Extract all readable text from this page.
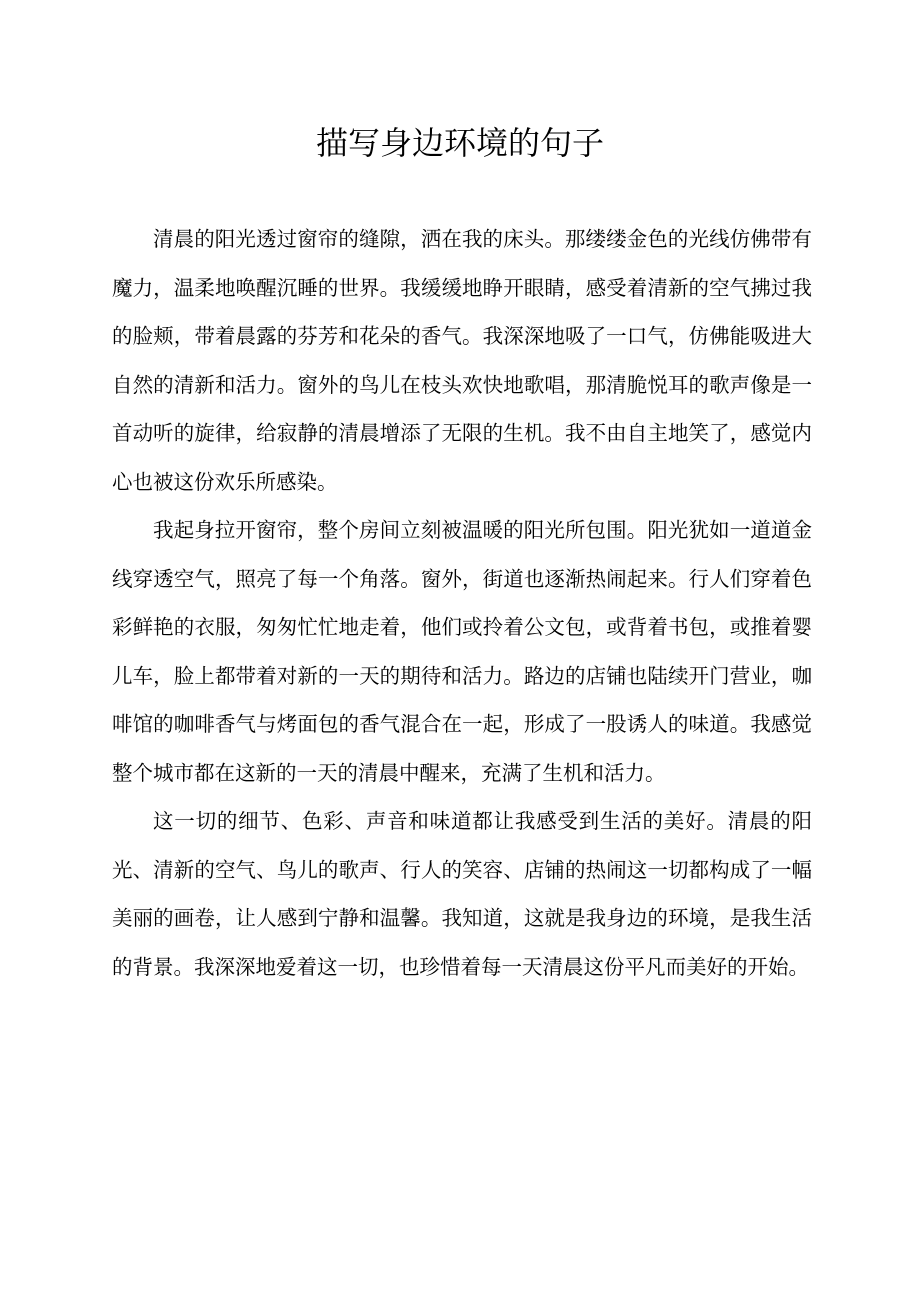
描写身边环境的句子

清晨的阳光透过窗帘的缝隙，洒在我的床头。那缕缕金色的光线仿佛带有魔力，温柔地唤醒沉睡的世界。我缓缓地睁开眼睛，感受着清新的空气拂过我的脸颊，带着晨露的芬芳和花朵的香气。我深深地吸了一口气，仿佛能吸进大自然的清新和活力。窗外的鸟儿在枝头欢快地歌唱，那清脆悦耳的歌声像是一首动听的旋律，给寂静的清晨增添了无限的生机。我不由自主地笑了，感觉内心也被这份欢乐所感染。

我起身拉开窗帘，整个房间立刻被温暖的阳光所包围。阳光犹如一道道金线穿透空气，照亮了每一个角落。窗外，街道也逐渐热闹起来。行人们穿着色彩鲜艳的衣服，匆匆忙忙地走着，他们或拎着公文包，或背着书包，或推着婴儿车，脸上都带着对新的一天的期待和活力。路边的店铺也陆续开门营业，咖啡馆的咖啡香气与烤面包的香气混合在一起，形成了一股诱人的味道。我感觉整个城市都在这新的一天的清晨中醒来，充满了生机和活力。

这一切的细节、色彩、声音和味道都让我感受到生活的美好。清晨的阳光、清新的空气、鸟儿的歌声、行人的笑容、店铺的热闹这一切都构成了一幅美丽的画卷，让人感到宁静和温馨。我知道，这就是我身边的环境，是我生活的背景。我深深地爱着这一切，也珍惜着每一天清晨这份平凡而美好的开始。
